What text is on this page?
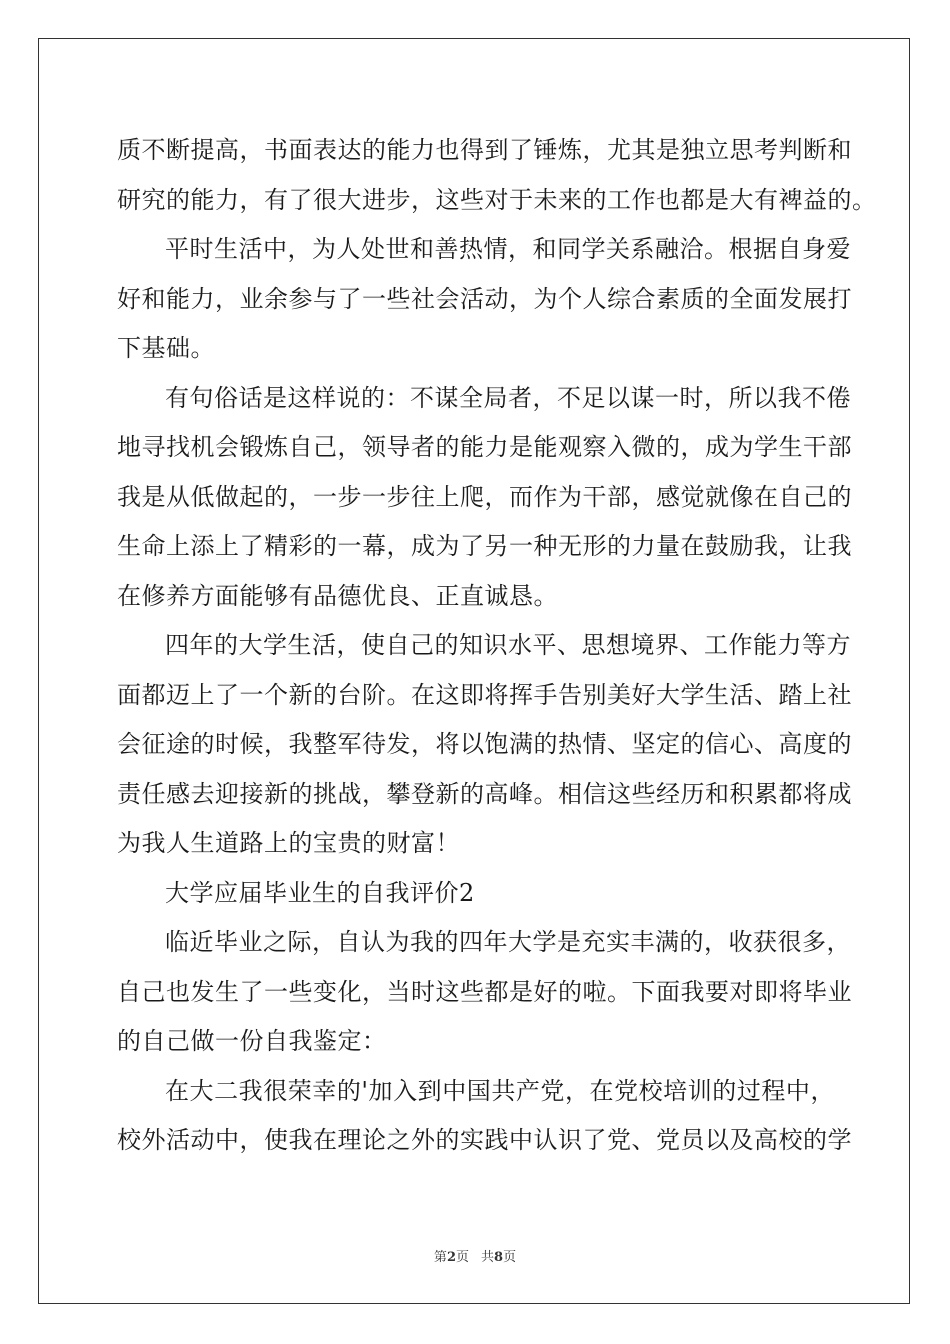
质不断提高，书面表达的能力也得到了锤炼，尤其是独立思考判断和
研究的能力，有了很大进步，这些对于未来的工作也都是大有裨益的。
平时生活中，为人处世和善热情，和同学关系融洽。根据自身爱
好和能力，业余参与了一些社会活动，为个人综合素质的全面发展打
下基础。
有句俗话是这样说的：不谋全局者，不足以谋一时，所以我不倦
地寻找机会锻炼自己，领导者的能力是能观察入微的，成为学生干部
我是从低做起的，一步一步往上爬，而作为干部，感觉就像在自己的
生命上添上了精彩的一幕，成为了另一种无形的力量在鼓励我，让我
在修养方面能够有品德优良、正直诚恳。
四年的大学生活，使自己的知识水平、思想境界、工作能力等方
面都迈上了一个新的台阶。在这即将挥手告别美好大学生活、踏上社
会征途的时候，我整军待发，将以饱满的热情、坚定的信心、高度的
责任感去迎接新的挑战，攀登新的高峰。相信这些经历和积累都将成
为我人生道路上的宝贵的财富！
大学应届毕业生的自我评价2
临近毕业之际，自认为我的四年大学是充实丰满的，收获很多，
自己也发生了一些变化，当时这些都是好的啦。下面我要对即将毕业
的自己做一份自我鉴定：
在大二我很荣幸的'加入到中国共产党，在党校培训的过程中，
校外活动中，使我在理论之外的实践中认识了党、党员以及高校的学
第2页 共8页
